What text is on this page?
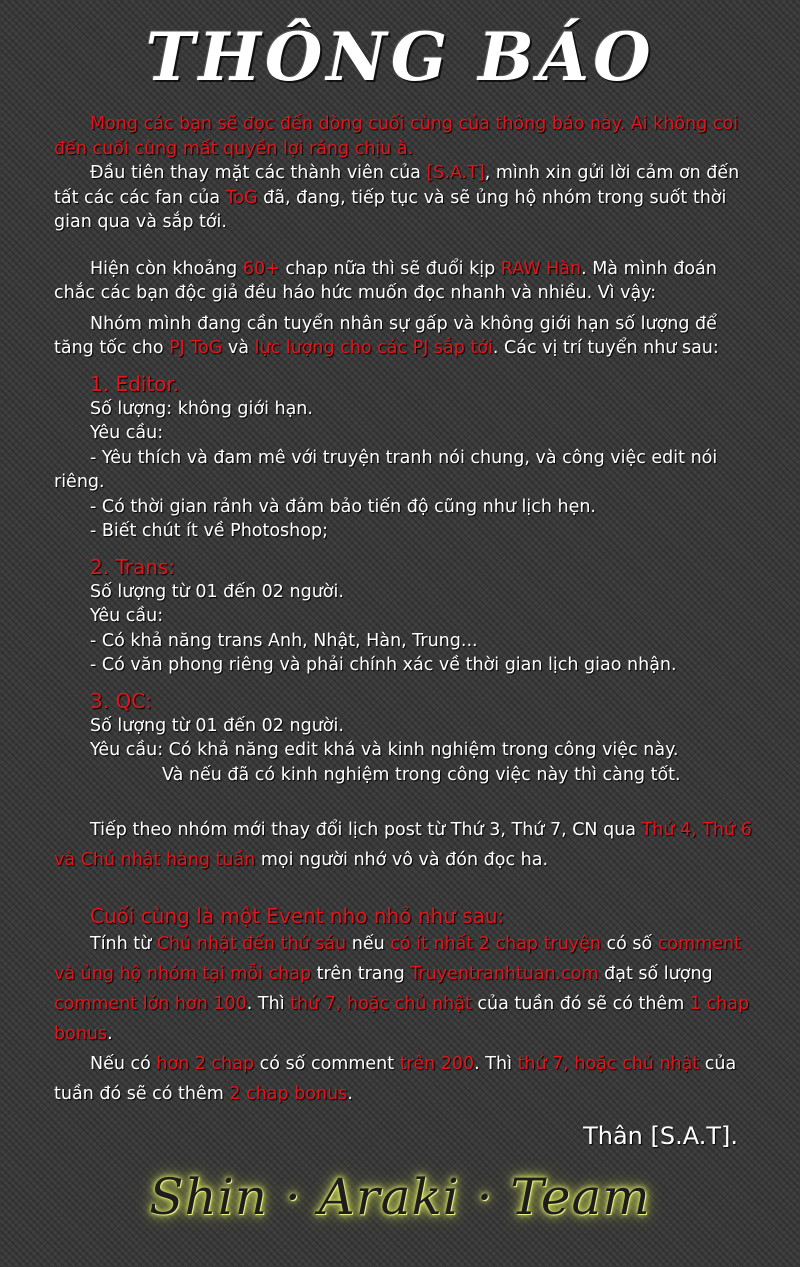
THÔNG BÁO

Mong các bạn sẽ đọc đến dòng cuối cùng của thông báo này. Ai không coi đến cuối cùng mất quyền lợi ráng chịu à.

Đầu tiên thay mặt các thành viên của [S.A.T], mình xin gửi lời cảm ơn đến tất các các fan của ToG đã, đang, tiếp tục và sẽ ủng hộ nhóm trong suốt thời gian qua và sắp tới.

Hiện còn khoảng 60+ chap nữa thì sẽ đuổi kịp RAW Hàn. Mà mình đoán chắc các bạn độc giả đều háo hức muốn đọc nhanh và nhiều. Vì vậy:

Nhóm mình đang cần tuyển nhân sự gấp và không giới hạn số lượng để tăng tốc cho PJ ToG và lực lượng cho các PJ sắp tới. Các vị trí tuyển như sau:

1. Editor.

Số lượng: không giới hạn.

Yêu cầu:

- Yêu thích và đam mê với truyện tranh nói chung, và công việc edit nói riêng.

- Có thời gian rảnh và đảm bảo tiến độ cũng như lịch hẹn.

- Biết chút ít về Photoshop;

2. Trans:

Số lượng từ 01 đến 02 người.

Yêu cầu:

- Có khả năng trans Anh, Nhật, Hàn, Trung...

- Có văn phong riêng và phải chính xác về thời gian lịch giao nhận.

3. QC:

Số lượng từ 01 đến 02 người.

Yêu cầu: Có khả năng edit khá và kinh nghiệm trong công việc này.

Và nếu đã có kinh nghiệm trong công việc này thì càng tốt.

Tiếp theo nhóm mới thay đổi lịch post từ Thứ 3, Thứ 7, CN qua Thứ 4, Thứ 6 và Chủ nhật hàng tuần mọi người nhớ vô và đón đọc ha.

Cuối cùng là một Event nho nhỏ như sau:

Tính từ Chủ nhật đến thứ sáu nếu có ít nhất 2 chap truyện có số comment và ủng hộ nhóm tại mỗi chap trên trang Truyentranhtuan.com đạt số lượng comment lớn hơn 100. Thì thứ 7, hoặc chủ nhật của tuần đó sẽ có thêm 1 chap bonus.

Nếu có hơn 2 chap có số comment trên 200. Thì thứ 7, hoặc chủ nhật của tuần đó sẽ có thêm 2 chap bonus.

Thân [S.A.T].
Shin · Araki · Team
